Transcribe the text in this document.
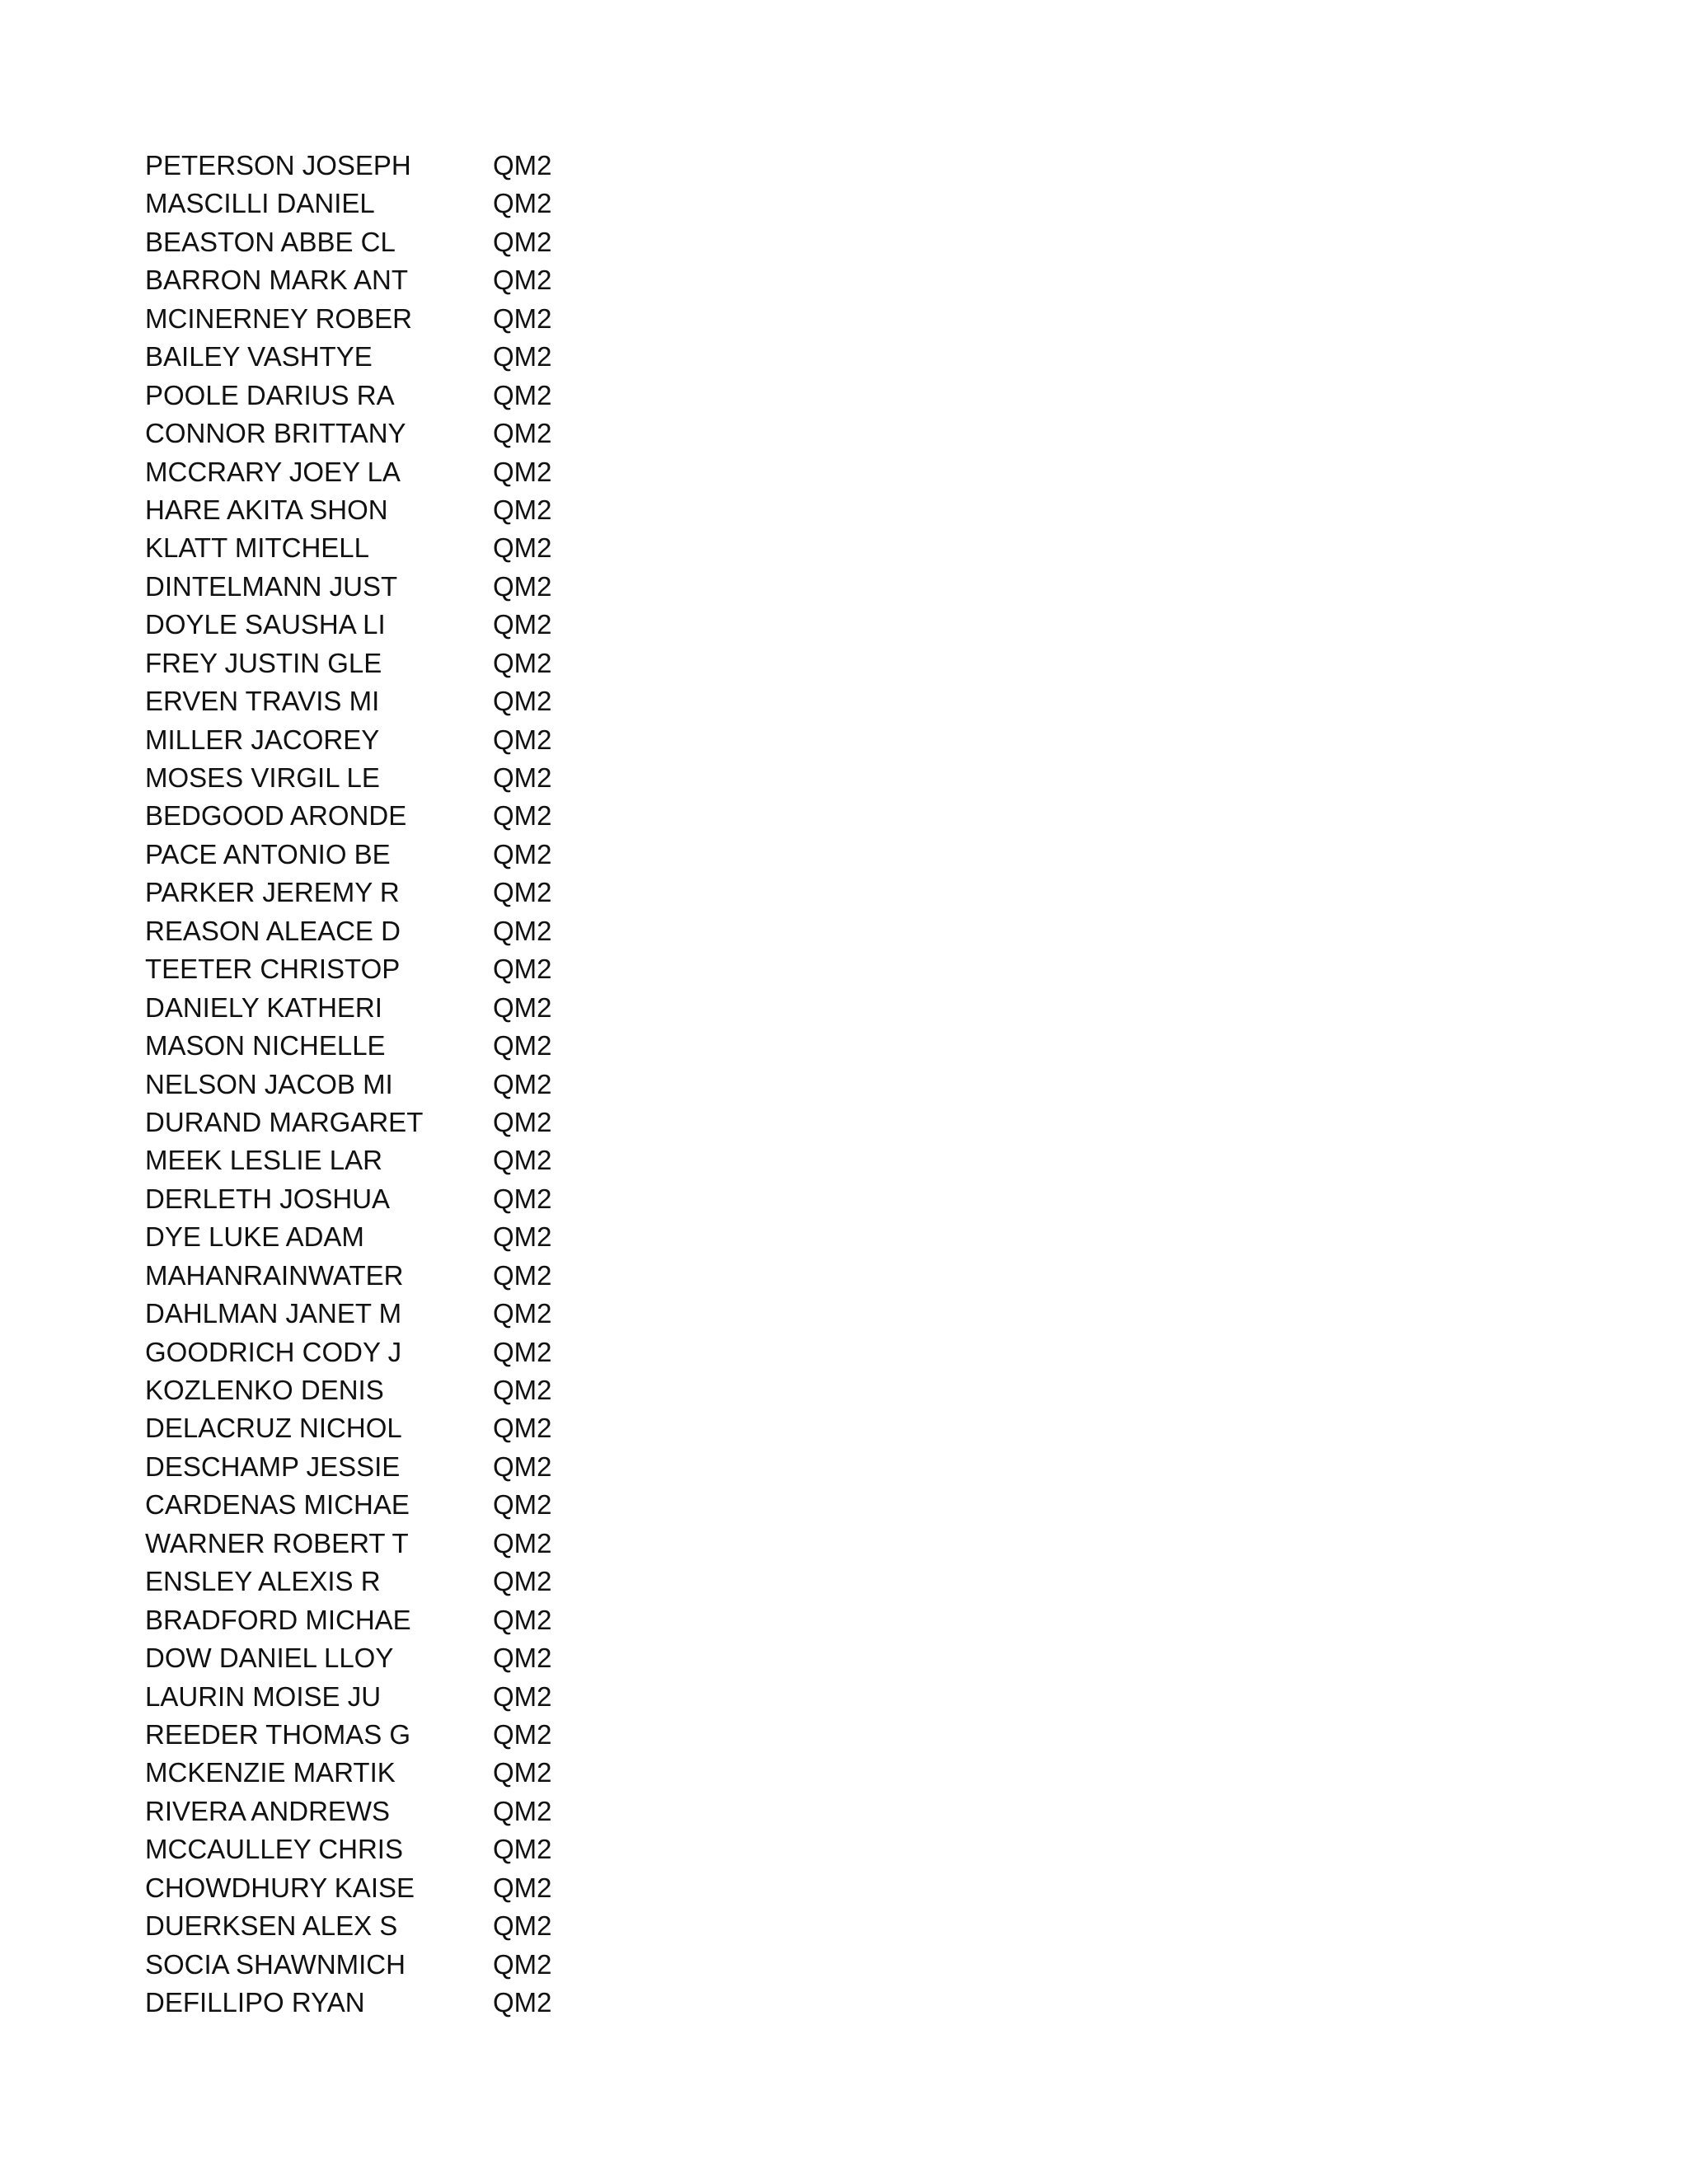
PETERSON JOSEPH	QM2
MASCILLI DANIEL	QM2
BEASTON ABBE CL	QM2
BARRON MARK ANT	QM2
MCINERNEY ROBER	QM2
BAILEY VASHTYE	QM2
POOLE DARIUS RA	QM2
CONNOR BRITTANY	QM2
MCCRARY JOEY LA	QM2
HARE AKITA SHON	QM2
KLATT MITCHELL	QM2
DINTELMANN JUST	QM2
DOYLE SAUSHA LI	QM2
FREY JUSTIN GLE	QM2
ERVEN TRAVIS MI	QM2
MILLER JACOREY	QM2
MOSES VIRGIL LE	QM2
BEDGOOD ARONDE	QM2
PACE ANTONIO BE	QM2
PARKER JEREMY R	QM2
REASON ALEACE D	QM2
TEETER CHRISTOP	QM2
DANIELY KATHERI	QM2
MASON NICHELLE	QM2
NELSON JACOB MI	QM2
DURAND MARGARET	QM2
MEEK LESLIE LAR	QM2
DERLETH JOSHUA	QM2
DYE LUKE ADAM	QM2
MAHANRAINWATER	QM2
DAHLMAN JANET M	QM2
GOODRICH CODY J	QM2
KOZLENKO DENIS	QM2
DELACRUZ NICHOL	QM2
DESCHAMP JESSIE	QM2
CARDENAS MICHAE	QM2
WARNER ROBERT T	QM2
ENSLEY ALEXIS R	QM2
BRADFORD MICHAE	QM2
DOW DANIEL LLOY	QM2
LAURIN MOISE JU	QM2
REEDER THOMAS G	QM2
MCKENZIE MARTIK	QM2
RIVERA ANDREWS	QM2
MCCAULLEY CHRIS	QM2
CHOWDHURY KAISE	QM2
DUERKSEN ALEX S	QM2
SOCIA SHAWNMICH	QM2
DEFILLIPO RYAN	QM2
